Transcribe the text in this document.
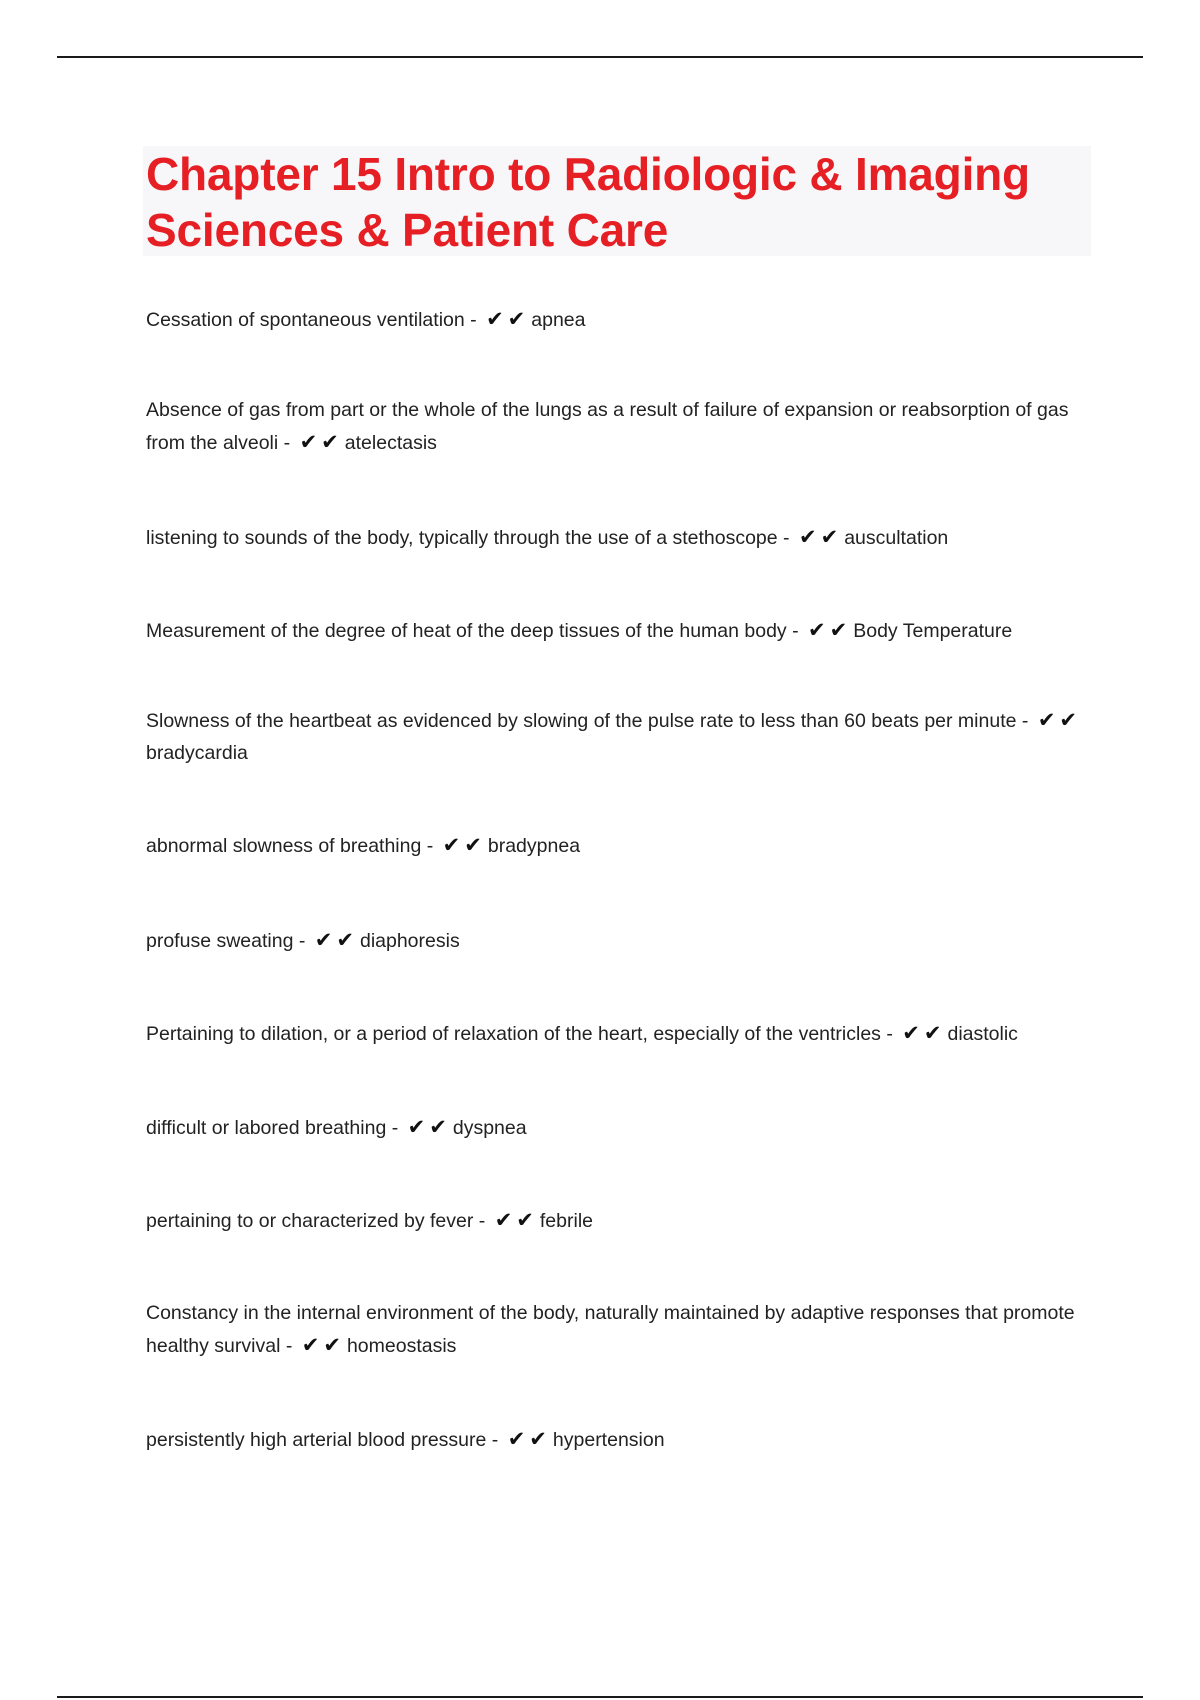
Chapter 15 Intro to Radiologic & Imaging Sciences & Patient Care
Cessation of spontaneous ventilation - ✔✔ apnea
Absence of gas from part or the whole of the lungs as a result of failure of expansion or reabsorption of gas from the alveoli - ✔✔ atelectasis
listening to sounds of the body, typically through the use of a stethoscope - ✔✔ auscultation
Measurement of the degree of heat of the deep tissues of the human body - ✔✔ Body Temperature
Slowness of the heartbeat as evidenced by slowing of the pulse rate to less than 60 beats per minute - ✔✔bradycardia
abnormal slowness of breathing - ✔✔ bradypnea
profuse sweating - ✔✔ diaphoresis
Pertaining to dilation, or a period of relaxation of the heart, especially of the ventricles - ✔✔ diastolic
difficult or labored breathing - ✔✔ dyspnea
pertaining to or characterized by fever - ✔✔ febrile
Constancy in the internal environment of the body, naturally maintained by adaptive responses that promote healthy survival - ✔✔ homeostasis
persistently high arterial blood pressure - ✔✔ hypertension
